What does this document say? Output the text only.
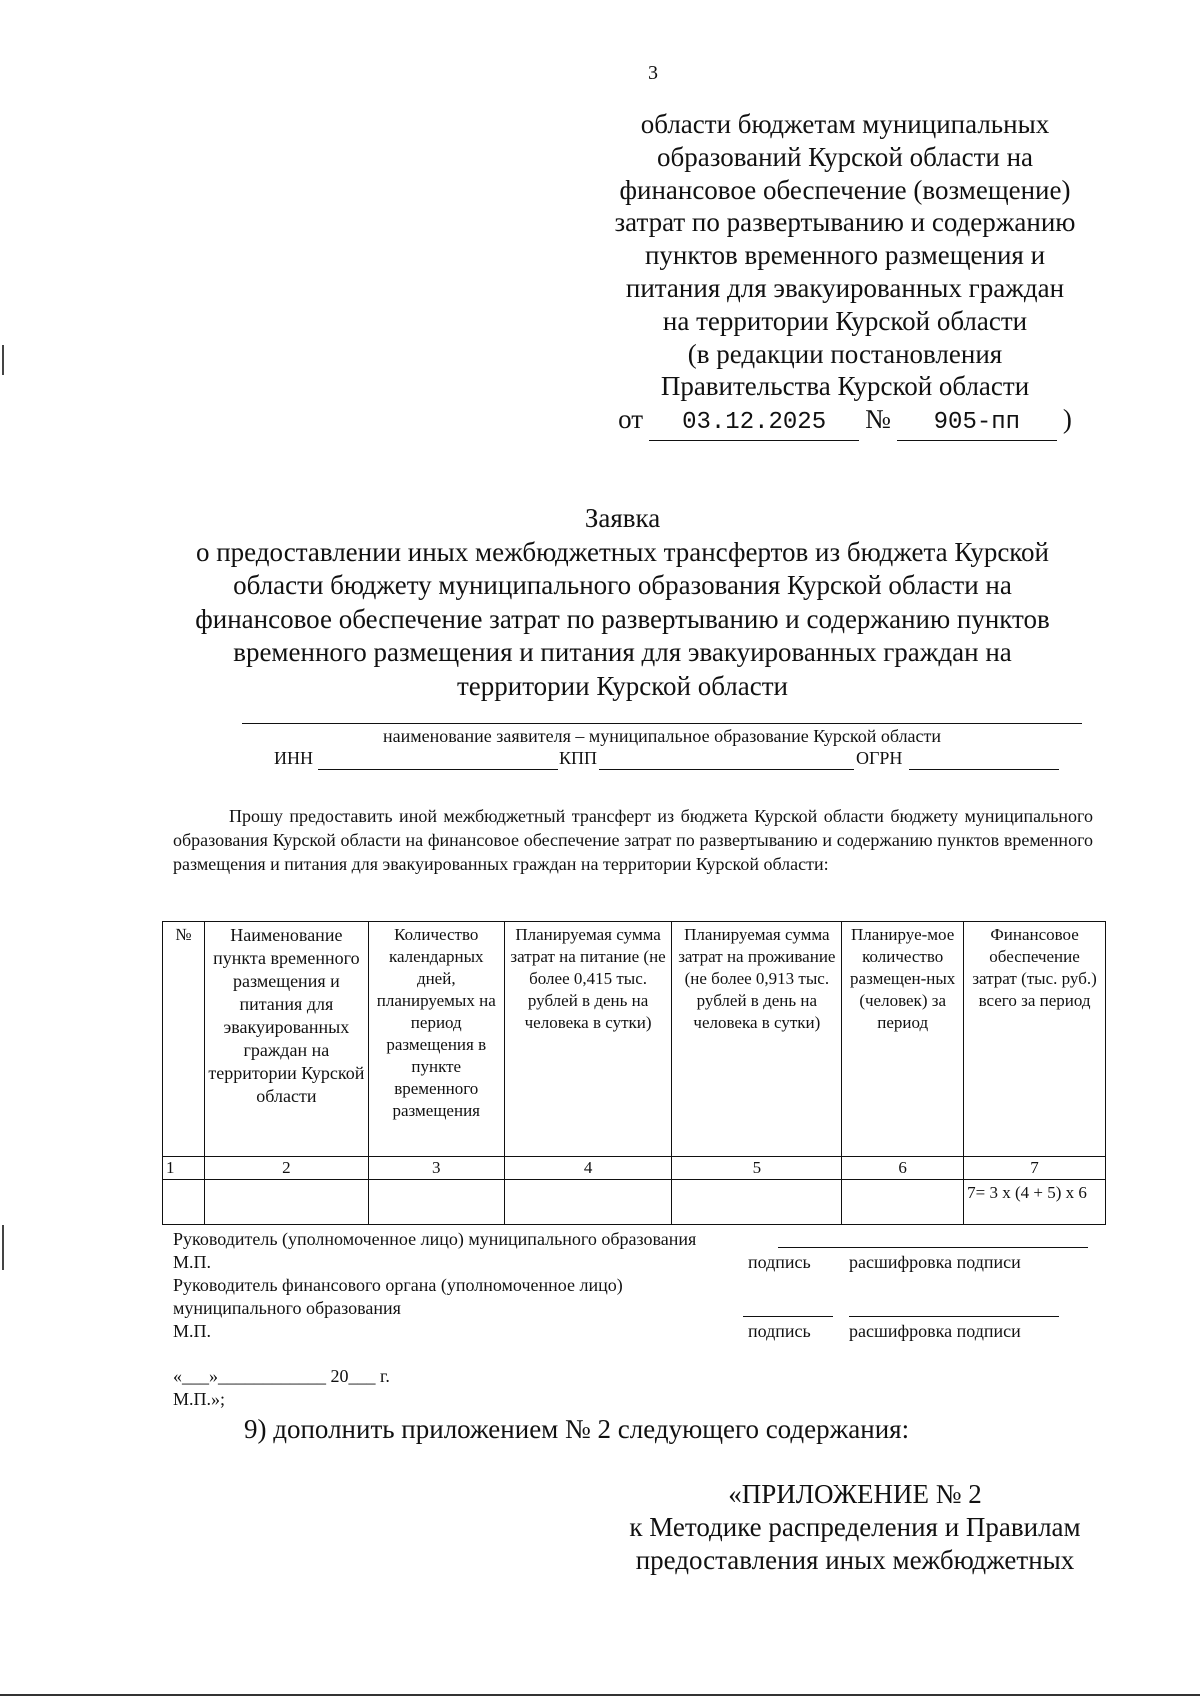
3
области бюджетам муниципальных
образований Курской области на
финансовое обеспечение (возмещение)
затрат по развертыванию и содержанию
пунктов временного размещения и
питания для эвакуированных граждан
на территории Курской области
(в редакции постановления
Правительства Курской области
от	03.12.2025	№	905-пп	)
Заявка
о предоставлении иных межбюджетных трансфертов из бюджета Курской
области бюджету муниципального образования Курской области на
финансовое обеспечение затрат по развертыванию и содержанию пунктов
временного размещения и питания для эвакуированных граждан на
территории Курской области
наименование заявителя – муниципальное образование Курской области
ИНН	КПП	ОГРН
Прошу предоставить иной межбюджетный трансферт из бюджета Курской области бюджету муниципального образования Курской области на финансовое обеспечение затрат по развертыванию и содержанию пунктов временного размещения и питания для эвакуированных граждан на территории Курской области:
№	Наименование пункта временного размещения и питания для эвакуированных граждан на территории Курской области	Количество календарных дней, планируемых на период размещения в пункте временного размещения	Планируемая сумма затрат на питание (не более 0,415 тыс. рублей в день на человека в сутки)	Планируемая сумма затрат на проживание (не более 0,913 тыс. рублей в день на человека в сутки)	Планируе-мое количество размещен-ных (человек) за период	Финансовое обеспечение затрат (тыс. руб.) всего за период
1	2	3	4	5	6	7
						7= 3 х (4 + 5) х 6
Руководитель (уполномоченное лицо) муниципального образования
М.П.	подпись расшифровка подписи
Руководитель финансового органа (уполномоченное лицо)
муниципального образования
М.П.	подпись расшифровка подписи
«___»____________ 20___ г.
М.П.»;
9) дополнить приложением № 2 следующего содержания:
«ПРИЛОЖЕНИЕ № 2
к Методике распределения и Правилам
предоставления иных межбюджетных
